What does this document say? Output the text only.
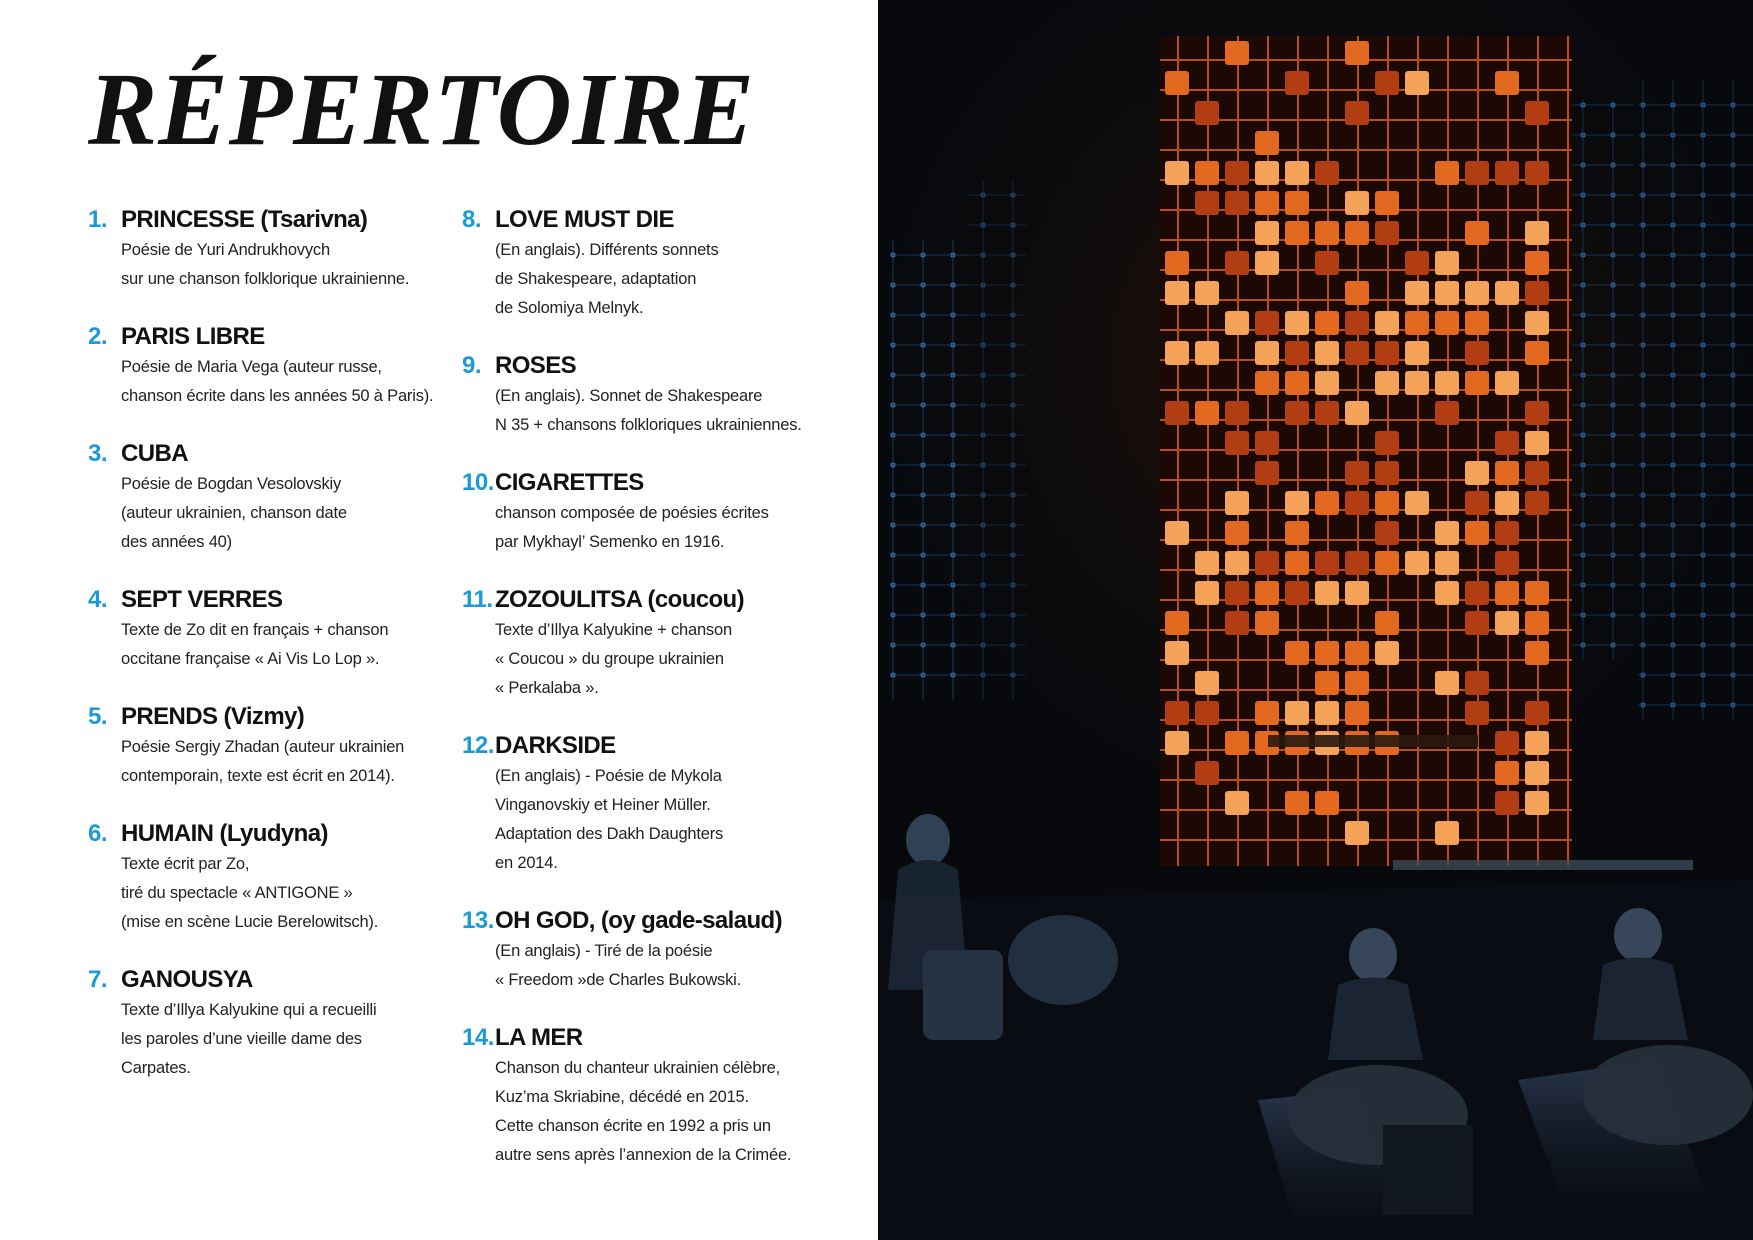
RÉPERTOIRE
1. PRINCESSE (Tsarivna)
Poésie de Yuri Andrukhovych
sur une chanson folklorique ukrainienne.
2. PARIS LIBRE
Poésie de Maria Vega (auteur russe,
chanson écrite dans les années 50 à Paris).
3. CUBA
Poésie de Bogdan Vesolovskiy
(auteur ukrainien, chanson date
des années 40)
4. SEPT VERRES
Texte de Zo dit en français + chanson
occitane française « Ai Vis Lo Lop ».
5. PRENDS (Vizmy)
Poésie Sergiy Zhadan (auteur ukrainien
contemporain, texte est écrit en 2014).
6. HUMAIN (Lyudyna)
Texte écrit par Zo,
tiré du spectacle « ANTIGONE »
(mise en scène Lucie Berelowitsch).
7. GANOUSYA
Texte d’Illya Kalyukine qui a recueilli
les paroles d’une vieille dame des
Carpates.
8. LOVE MUST DIE
(En anglais). Différents sonnets
de Shakespeare, adaptation
de Solomiya Melnyk.
9. ROSES
(En anglais). Sonnet de Shakespeare
N 35 + chansons folkloriques ukrainiennes.
10. CIGARETTES
chanson composée de poésies écrites
par Mykhayl’ Semenko en 1916.
11. ZOZOULITSA (coucou)
Texte d’Illya Kalyukine + chanson
« Coucou » du groupe ukrainien
« Perkalaba ».
12. DARKSIDE
(En anglais) - Poésie de Mykola
Vinganovskiy et Heiner Müller.
Adaptation des Dakh Daughters
en 2014.
13. OH GOD, (oy gade-salaud)
(En anglais) - Tiré de la poésie
« Freedom »de Charles Bukowski.
14. LA MER
Chanson du chanteur ukrainien célèbre,
Kuz’ma Skriabine, décédé en 2015.
Cette chanson écrite en 1992 a pris un
autre sens après l’annexion de la Crimée.
